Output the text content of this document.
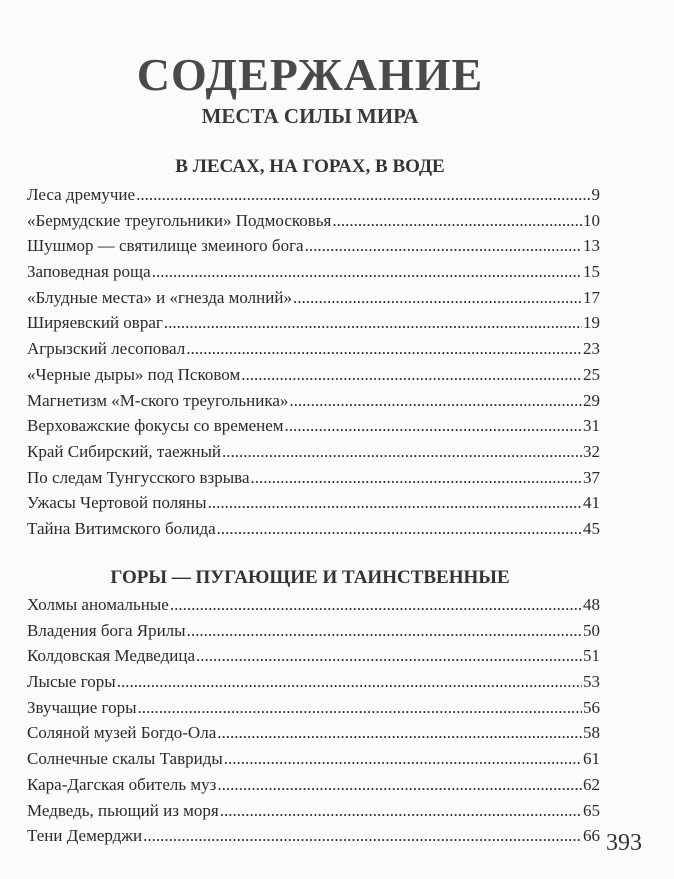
СОДЕРЖАНИЕ
МЕСТА СИЛЫ МИРА
В ЛЕСАХ, НА ГОРАХ, В ВОДЕ
Леса дремучие .....	9
«Бермудские треугольники» Подмосковья .....	10
Шушмор — святилище змеиного бога .....	13
Заповедная роща .....	15
«Блудные места» и «гнезда молний» .....	17
Ширяевский овраг .....	19
Агрызский лесоповал .....	23
«Черные дыры» под Псковом .....	25
Магнетизм «М-ского треугольника» .....	29
Верховажские фокусы со временем .....	31
Край Сибирский, таежный .....	32
По следам Тунгусского взрыва .....	37
Ужасы Чертовой поляны .....	41
Тайна Витимского болида .....	45
ГОРЫ — ПУГАЮЩИЕ И ТАИНСТВЕННЫЕ
Холмы аномальные .....	48
Владения бога Ярилы .....	50
Колдовская Медведица .....	51
Лысые горы .....	53
Звучащие горы .....	56
Соляной музей Богдо-Ола .....	58
Солнечные скалы Тавриды .....	61
Кара-Дагская обитель муз .....	62
Медведь, пьющий из моря .....	65
Тени Демерджи .....	66 393
